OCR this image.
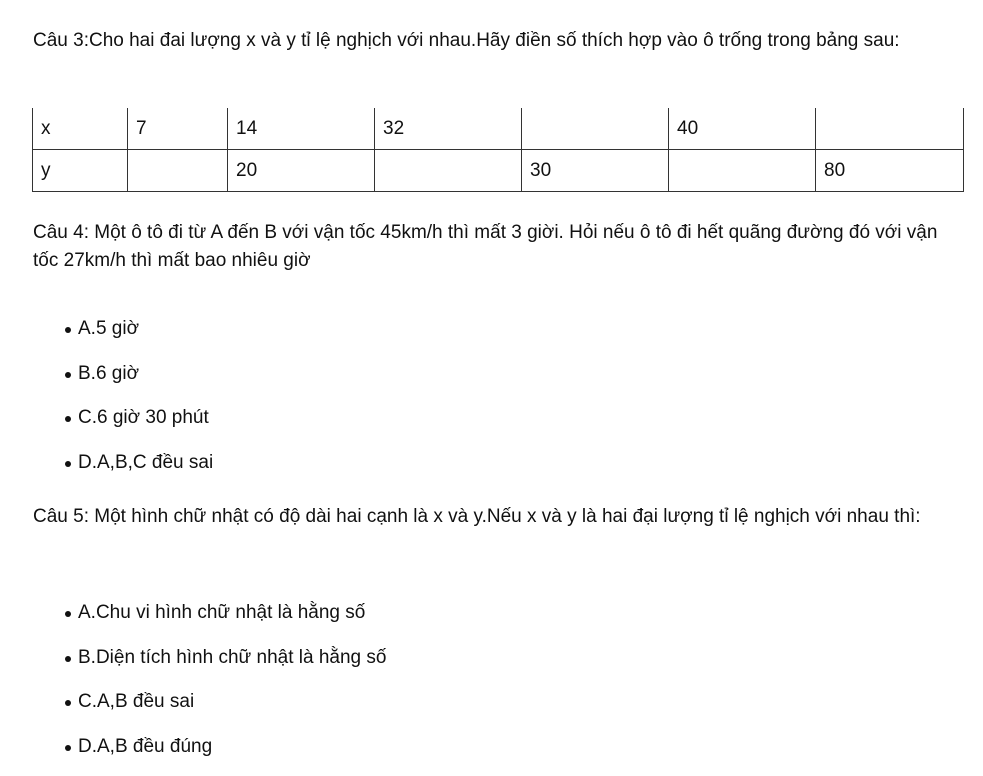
Câu 3:Cho hai đai lượng x và y tỉ lệ nghịch với nhau.Hãy điền số thích hợp vào ô trống trong bảng sau:

x	7	14	32		40	
y		20		30		80

Câu 4: Một ô tô đi từ A đến B với vận tốc 45km/h thì mất 3 giời. Hỏi nếu ô tô đi hết quãng đường đó với vận tốc 27km/h thì mất bao nhiêu giờ

A.5 giờ
B.6 giờ
C.6 giờ 30 phút
D.A,B,C đều sai

Câu 5: Một hình chữ nhật có độ dài hai cạnh là x và y.Nếu x và y là hai đại lượng tỉ lệ nghịch với nhau thì:

A.Chu vi hình chữ nhật là hằng số
B.Diện tích hình chữ nhật là hằng số
C.A,B đều sai
D.A,B đều đúng
